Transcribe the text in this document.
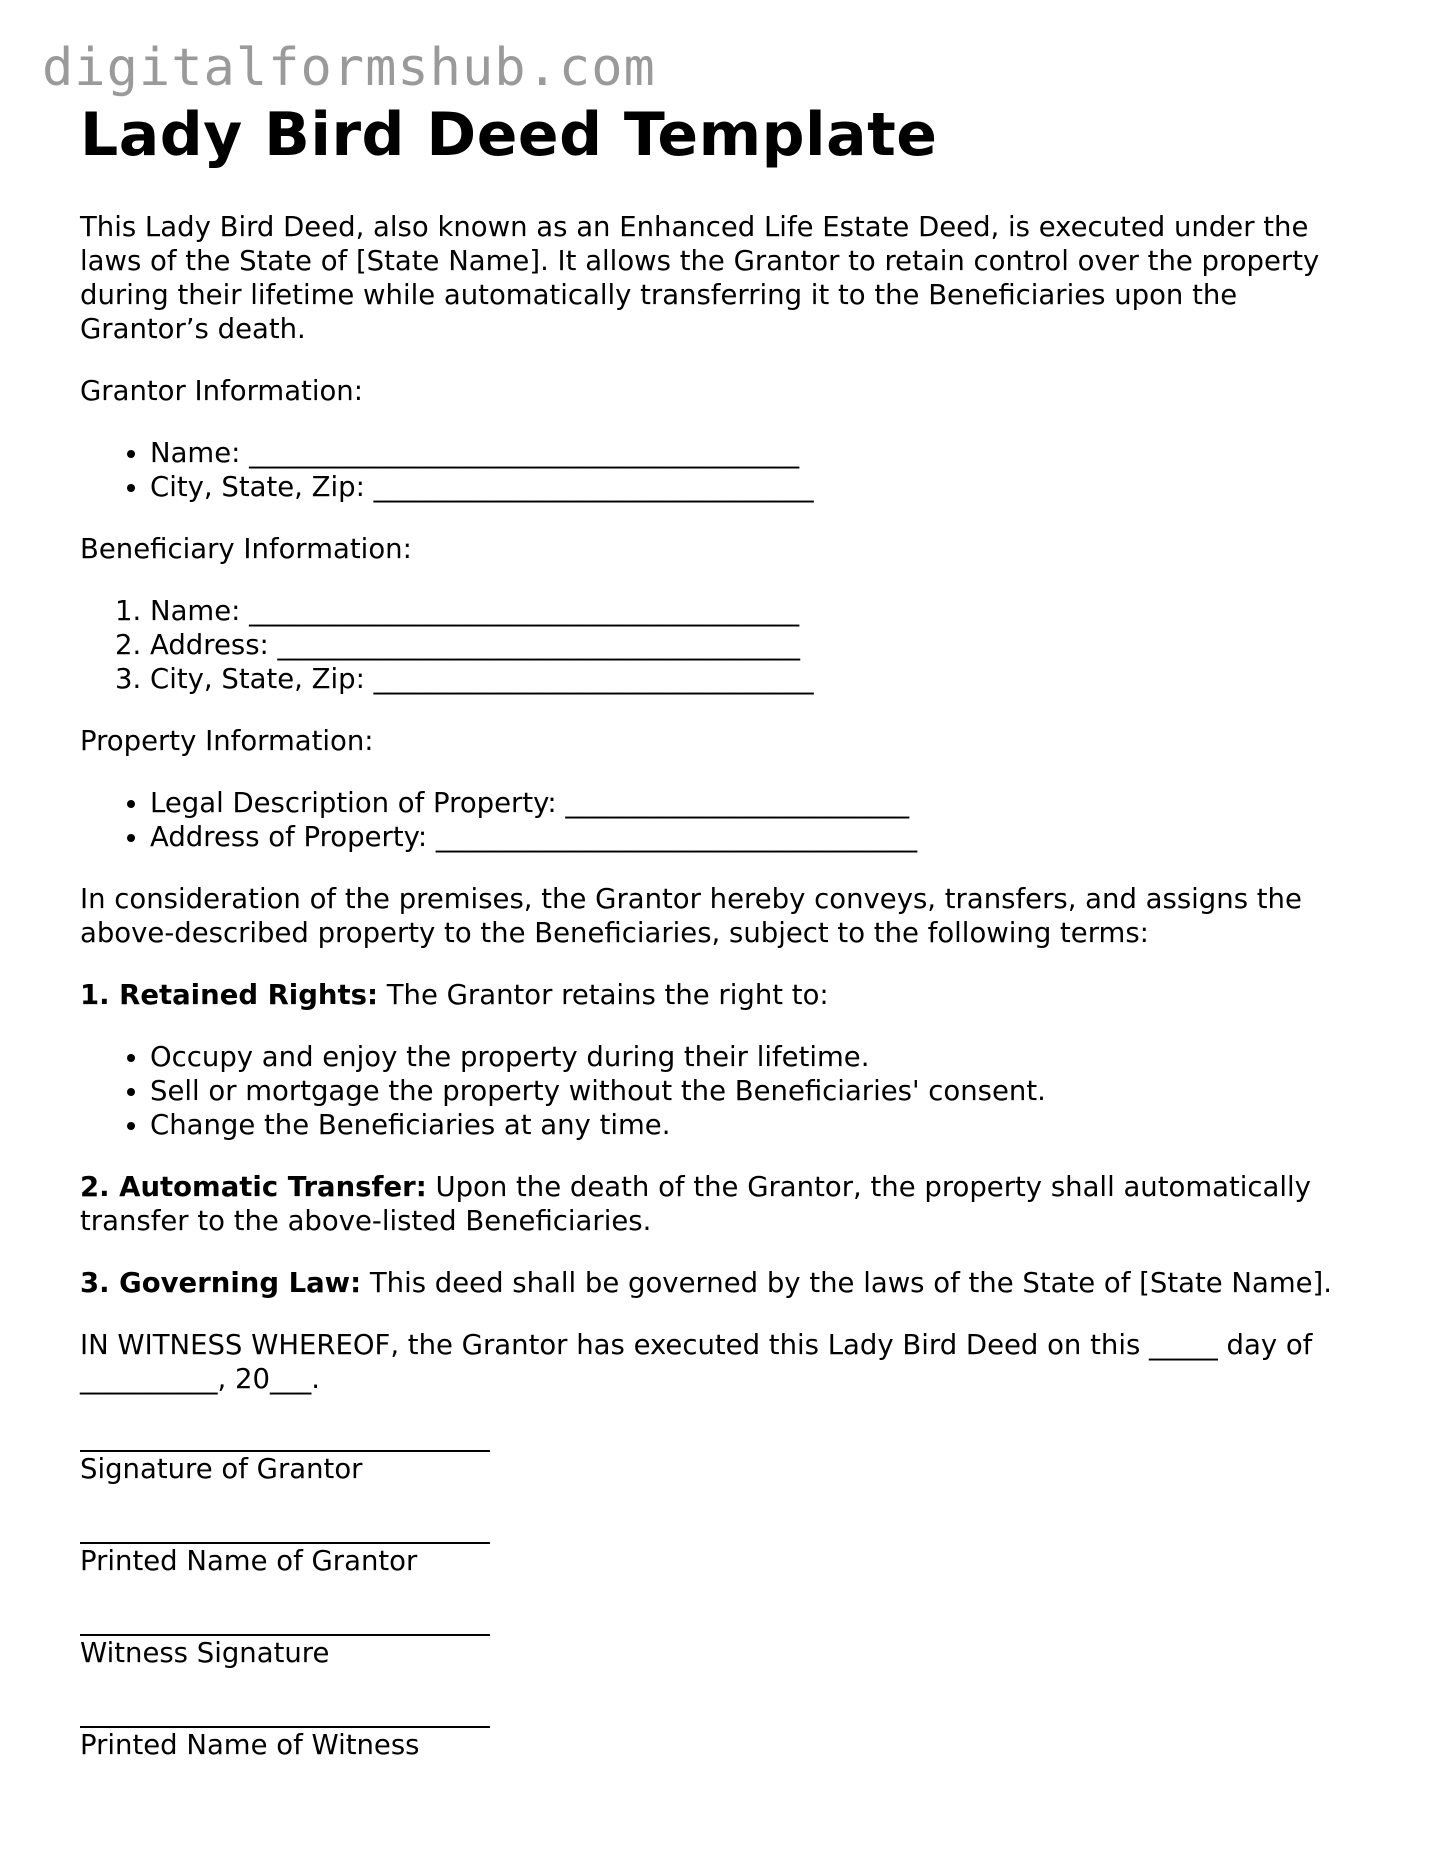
digitalformshub.com
Lady Bird Deed Template

This Lady Bird Deed, also known as an Enhanced Life Estate Deed, is executed under the laws of the State of [State Name]. It allows the Grantor to retain control over the property during their lifetime while automatically transferring it to the Beneficiaries upon the Grantor’s death.

Grantor Information:

• Name: ________________________________________
• City, State, Zip: ________________________________

Beneficiary Information:

1. Name: ________________________________________
2. Address: ______________________________________
3. City, State, Zip: ________________________________

Property Information:

• Legal Description of Property: _________________________
• Address of Property: ___________________________________

In consideration of the premises, the Grantor hereby conveys, transfers, and assigns the above-described property to the Beneficiaries, subject to the following terms:

1. Retained Rights: The Grantor retains the right to:

• Occupy and enjoy the property during their lifetime.
• Sell or mortgage the property without the Beneficiaries' consent.
• Change the Beneficiaries at any time.

2. Automatic Transfer: Upon the death of the Grantor, the property shall automatically transfer to the above-listed Beneficiaries.

3. Governing Law: This deed shall be governed by the laws of the State of [State Name].

IN WITNESS WHEREOF, the Grantor has executed this Lady Bird Deed on this _____ day of __________, 20___.

Signature of Grantor
Printed Name of Grantor
Witness Signature
Printed Name of Witness
